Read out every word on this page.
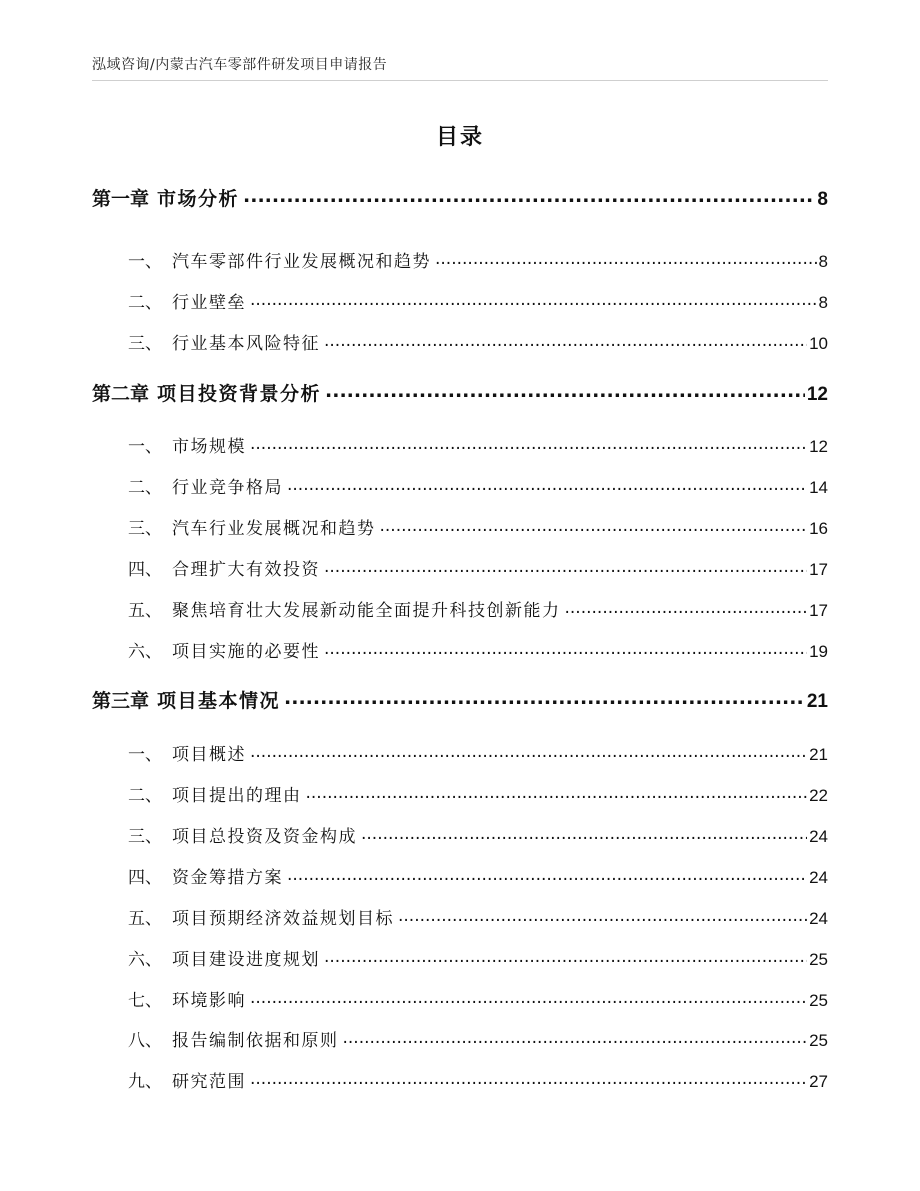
泓域咨询/内蒙古汽车零部件研发项目申请报告
目录
第一章 市场分析 .....	8
一、 汽车零部件行业发展概况和趋势 .....	8
二、 行业壁垒 .....	8
三、 行业基本风险特征 .....	10
第二章 项目投资背景分析 .....	12
一、 市场规模 .....	12
二、 行业竞争格局 .....	14
三、 汽车行业发展概况和趋势 .....	16
四、 合理扩大有效投资 .....	17
五、 聚焦培育壮大发展新动能全面提升科技创新能力 .....	17
六、 项目实施的必要性 .....	19
第三章 项目基本情况 .....	21
一、 项目概述 .....	21
二、 项目提出的理由 .....	22
三、 项目总投资及资金构成 .....	24
四、 资金筹措方案 .....	24
五、 项目预期经济效益规划目标 .....	24
六、 项目建设进度规划 .....	25
七、 环境影响 .....	25
八、 报告编制依据和原则 .....	25
九、 研究范围 .....	27
